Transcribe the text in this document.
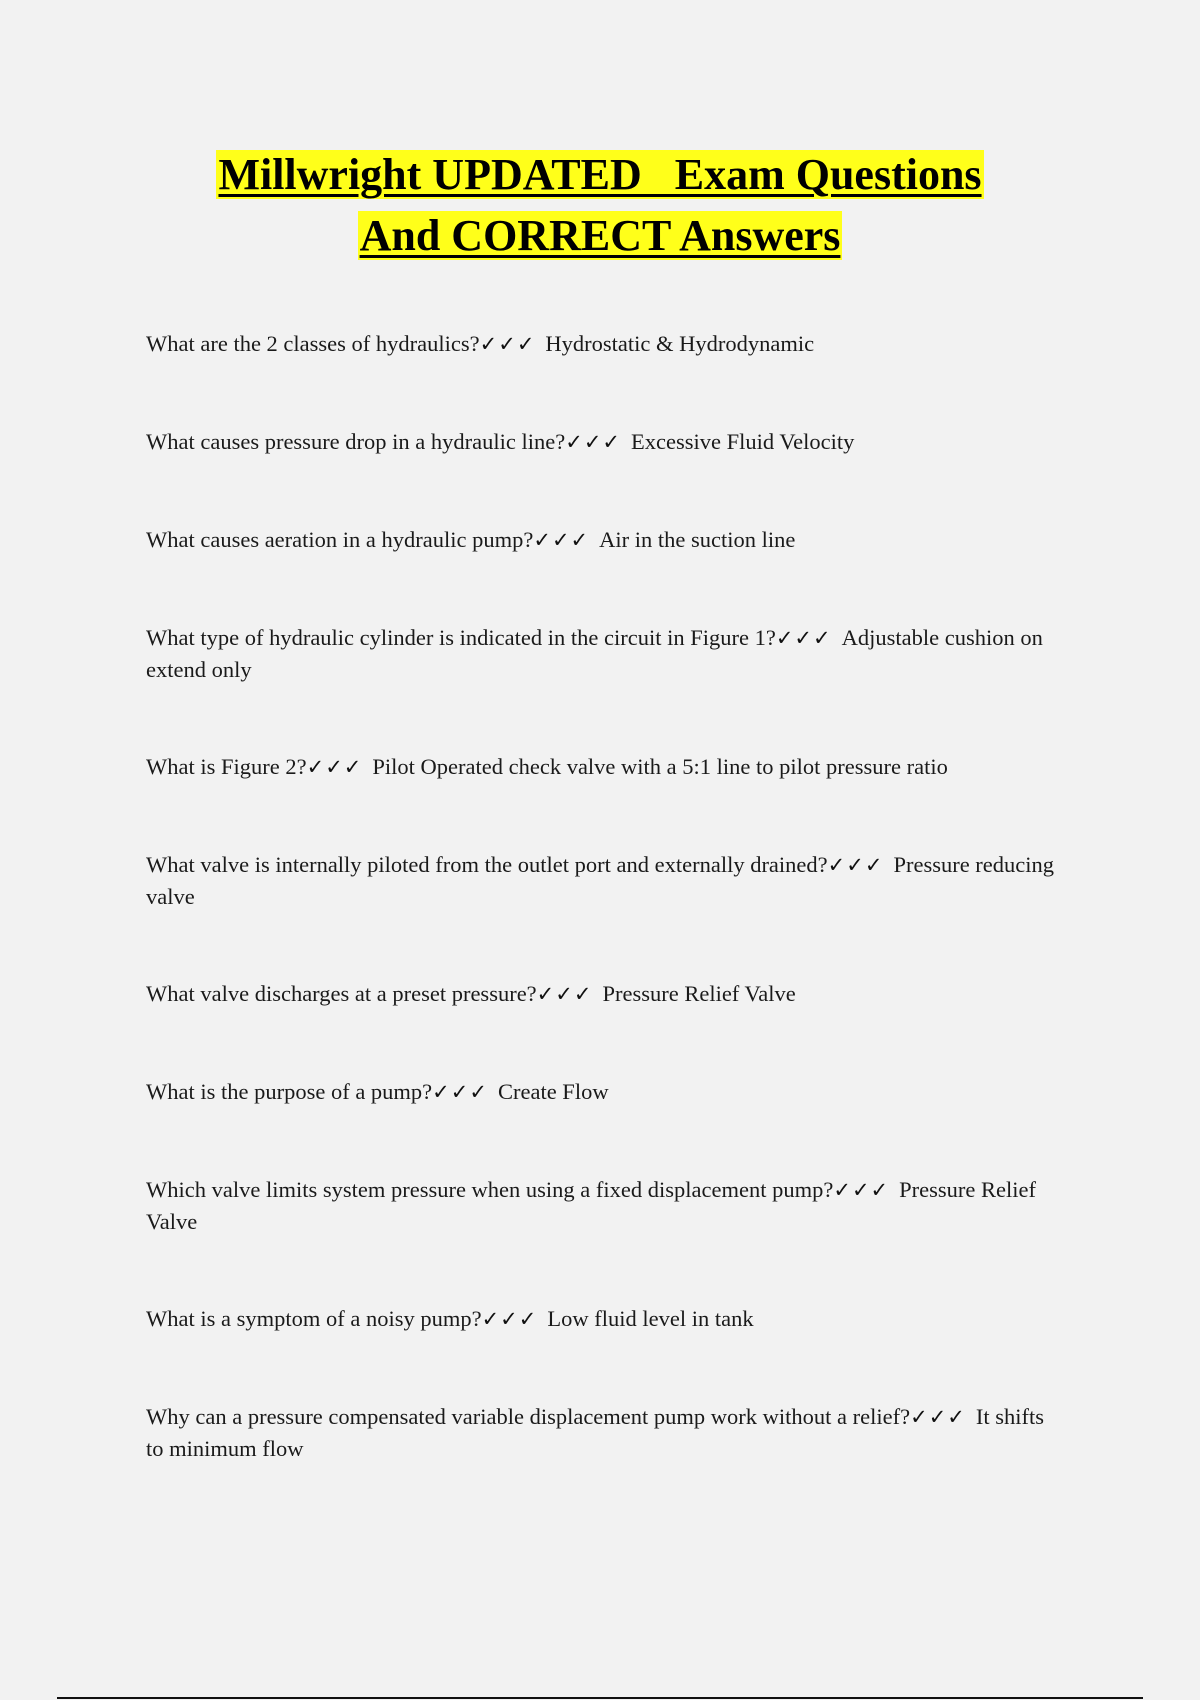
Millwright UPDATED   Exam Questions
And CORRECT Answers
What are the 2 classes of hydraulics?✓✓✓ Hydrostatic & Hydrodynamic
What causes pressure drop in a hydraulic line?✓✓✓ Excessive Fluid Velocity
What causes aeration in a hydraulic pump?✓✓✓ Air in the suction line
What type of hydraulic cylinder is indicated in the circuit in Figure 1?✓✓✓ Adjustable cushion on extend only
What is Figure 2?✓✓✓ Pilot Operated check valve with a 5:1 line to pilot pressure ratio
What valve is internally piloted from the outlet port and externally drained?✓✓✓ Pressure reducing valve
What valve discharges at a preset pressure?✓✓✓ Pressure Relief Valve
What is the purpose of a pump?✓✓✓ Create Flow
Which valve limits system pressure when using a fixed displacement pump?✓✓✓ Pressure Relief Valve
What is a symptom of a noisy pump?✓✓✓ Low fluid level in tank
Why can a pressure compensated variable displacement pump work without a relief?✓✓✓ It shifts to minimum flow
